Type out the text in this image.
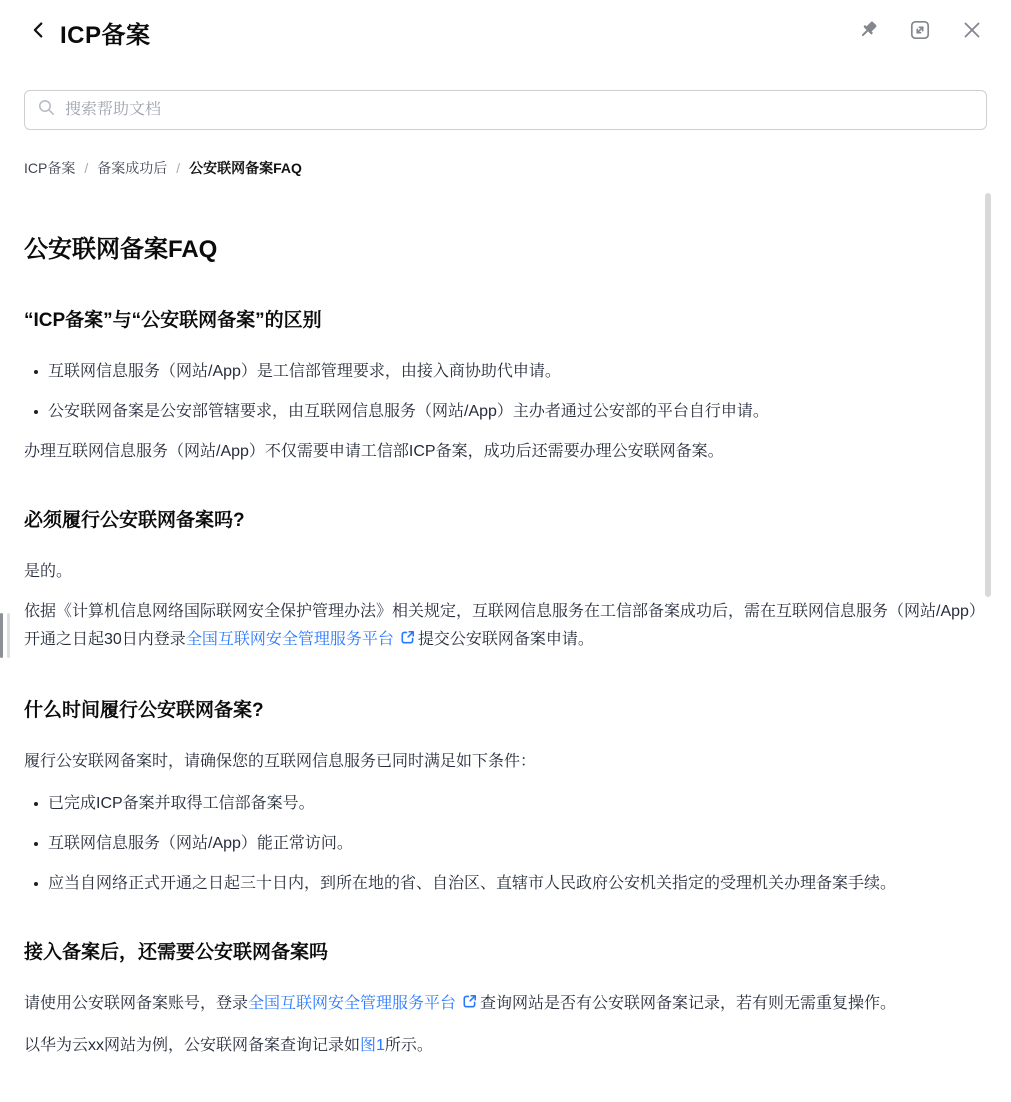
ICP备案
搜索帮助文档
ICP备案 / 备案成功后 / 公安联网备案FAQ
公安联网备案FAQ
“ICP备案”与“公安联网备案”的区别
互联网信息服务（网站/App）是工信部管理要求，由接入商协助代申请。
公安联网备案是公安部管辖要求，由互联网信息服务（网站/App）主办者通过公安部的平台自行申请。

办理互联网信息服务（网站/App）不仅需要申请工信部ICP备案，成功后还需要办理公安联网备案。

必须履行公安联网备案吗?

是的。

依据《计算机信息网络国际联网安全保护管理办法》相关规定，互联网信息服务在工信部备案成功后，需在互联网信息服务（网站/App）开通之日起30日内登录全国互联网安全管理服务平台 提交公安联网备案申请。

什么时间履行公安联网备案?

履行公安联网备案时，请确保您的互联网信息服务已同时满足如下条件：

已完成ICP备案并取得工信部备案号。
互联网信息服务（网站/App）能正常访问。
应当自网络正式开通之日起三十日内，到所在地的省、自治区、直辖市人民政府公安机关指定的受理机关办理备案手续。
接入备案后，还需要公安联网备案吗

请使用公安联网备案账号，登录全国互联网安全管理服务平台 查询网站是否有公安联网备案记录，若有则无需重复操作。

以华为云xx网站为例，公安联网备案查询记录如图1所示。
